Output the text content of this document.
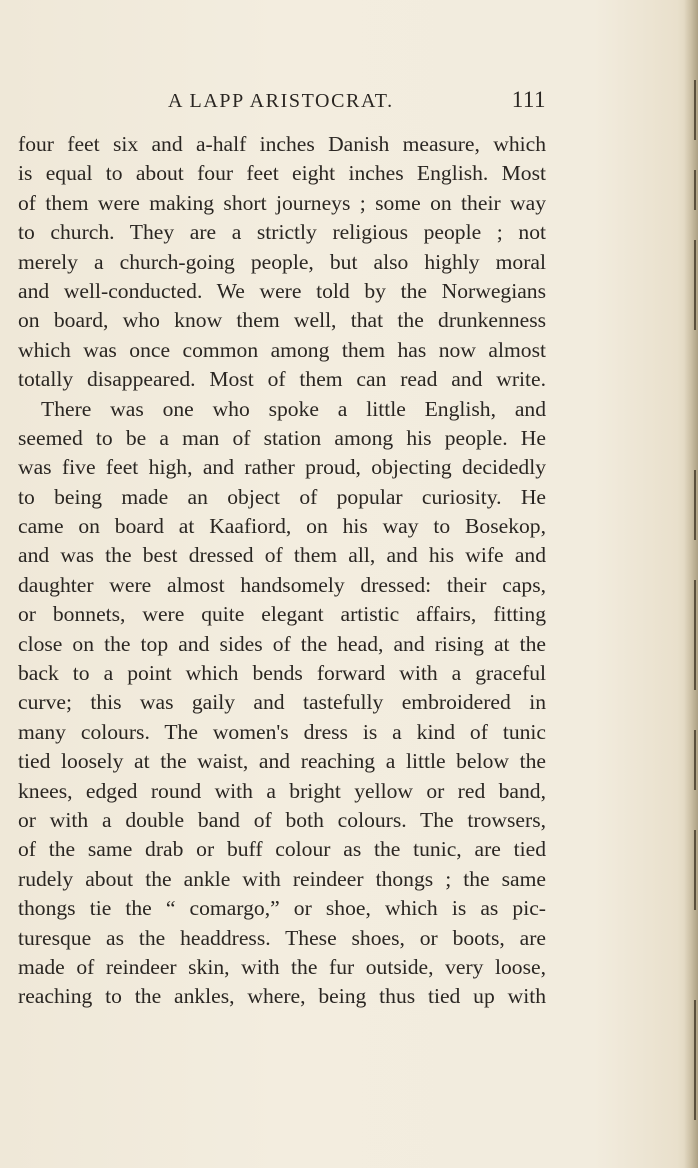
A LAPP ARISTOCRAT.	111
four feet six and a-half inches Danish measure, which
is equal to about four feet eight inches English. Most
of them were making short journeys ; some on their way
to church. They are a strictly religious people ; not
merely a church-going people, but also highly moral
and well-conducted. We were told by the Norwegians
on board, who know them well, that the drunkenness
which was once common among them has now almost
totally disappeared. Most of them can read and write.
There was one who spoke a little English, and
seemed to be a man of station among his people. He
was five feet high, and rather proud, objecting decidedly
to being made an object of popular curiosity. He
came on board at Kaafiord, on his way to Bosekop,
and was the best dressed of them all, and his wife and
daughter were almost handsomely dressed: their caps,
or bonnets, were quite elegant artistic affairs, fitting
close on the top and sides of the head, and rising at the
back to a point which bends forward with a graceful
curve; this was gaily and tastefully embroidered in
many colours. The women's dress is a kind of tunic
tied loosely at the waist, and reaching a little below the
knees, edged round with a bright yellow or red band,
or with a double band of both colours. The trowsers,
of the same drab or buff colour as the tunic, are tied
rudely about the ankle with reindeer thongs ; the same
thongs tie the “ comargo,” or shoe, which is as pic-
turesque as the headdress. These shoes, or boots, are
made of reindeer skin, with the fur outside, very loose,
reaching to the ankles, where, being thus tied up with
